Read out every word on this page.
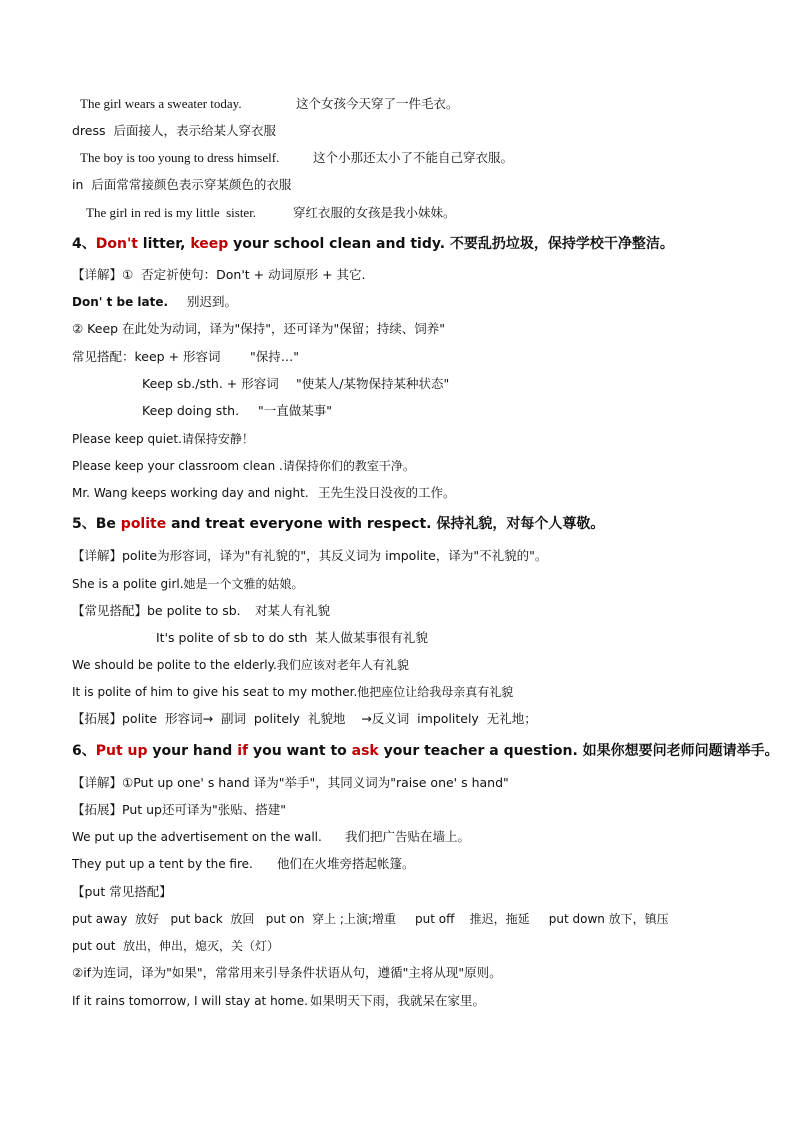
The girl wears a sweater today.	这个女孩今天穿了一件毛衣。
dress  后面接人，表示给某人穿衣服
The boy is too young to dress himself.	这个小那还太小了不能自己穿衣服。
in  后面常常接颜色表示穿某颜色的衣服
The girl in red is my little  sister.	穿红衣服的女孩是我小妹妹。
4、Don't litter, keep your school clean and tidy. 不要乱扔垃圾，保持学校干净整洁。
【详解】①  否定祈使句：Don't + 动词原形 + 其它.
Don' t be late. 别迟到。
② Keep 在此处为动词，译为"保持"，还可译为"保留；持续、饲养"
常见搭配：keep + 形容词 "保持…"
Keep sb./sth. + 形容词 "使某人/某物保持某种状态"
Keep doing sth. "一直做某事"
Please keep quiet.请保持安静！
Please keep your classroom clean .请保持你们的教室干净。
Mr. Wang keeps working day and night. 王先生没日没夜的工作。
5、Be polite and treat everyone with respect. 保持礼貌，对每个人尊敬。
【详解】polite为形容词，译为"有礼貌的"，其反义词为 impolite，译为"不礼貌的"。
She is a polite girl.她是一个文雅的姑娘。
【常见搭配】be polite to sb. 对某人有礼貌
It's polite of sb to do sth  某人做某事很有礼貌
We should be polite to the elderly.我们应该对老年人有礼貌
It is polite of him to give his seat to my mother.他把座位让给我母亲真有礼貌
【拓展】polite  形容词→  副词  politely  礼貌地    →反义词  impolitely  无礼地；
6、Put up your hand if you want to ask your teacher a question. 如果你想要问老师问题请举手。
【详解】①Put up one' s hand 译为"举手"，其同义词为"raise one' s hand"
【拓展】Put up还可译为"张贴、搭建"
We put up the advertisement on the wall. 我们把广告贴在墙上。
They put up a tent by the fire. 他们在火堆旁搭起帐篷。
【put 常见搭配】
put away  放好   put back  放回   put on  穿上 ;上演;增重     put off    推迟，拖延     put down 放下，镇压
put out  放出，伸出，熄灭，关（灯）
②if为连词，译为"如果"，常常用来引导条件状语从句，遵循"主将从现"原则。
If it rains tomorrow, I will stay at home. 如果明天下雨，我就呆在家里。
